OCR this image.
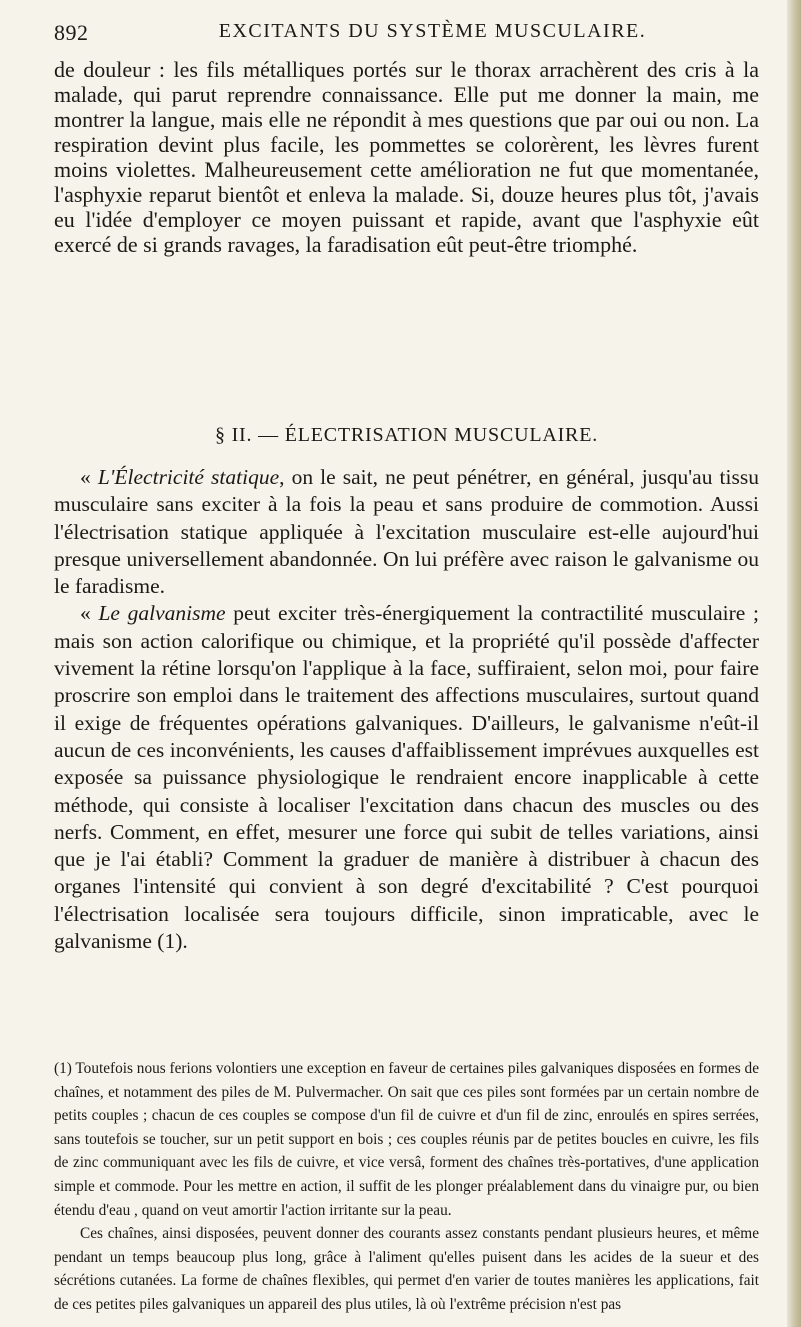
892	EXCITANTS DU SYSTÈME MUSCULAIRE.
de douleur : les fils métalliques portés sur le thorax arrachèrent des cris à la malade, qui parut reprendre connaissance. Elle put me donner la main, me montrer la langue, mais elle ne répondit à mes questions que par oui ou non. La respiration devint plus facile, les pommettes se colorèrent, les lèvres furent moins violettes. Malheureusement cette amélioration ne fut que momentanée, l'asphyxie reparut bientôt et enleva la malade. Si, douze heures plus tôt, j'avais eu l'idée d'employer ce moyen puissant et rapide, avant que l'asphyxie eût exercé de si grands ravages, la faradisation eût peut-être triomphé.
§ II. — ÉLECTRISATION MUSCULAIRE.

« L'Électricité statique, on le sait, ne peut pénétrer, en général, jusqu'au tissu musculaire sans exciter à la fois la peau et sans produire de commotion. Aussi l'électrisation statique appliquée à l'excitation musculaire est-elle aujourd'hui presque universellement abandonnée. On lui préfère avec raison le galvanisme ou le faradisme.

« Le galvanisme peut exciter très-énergiquement la contractilité musculaire ; mais son action calorifique ou chimique, et la propriété qu'il possède d'affecter vivement la rétine lorsqu'on l'applique à la face, suffiraient, selon moi, pour faire proscrire son emploi dans le traitement des affections musculaires, surtout quand il exige de fréquentes opérations galvaniques. D'ailleurs, le galvanisme n'eût-il aucun de ces inconvénients, les causes d'affaiblissement imprévues auxquelles est exposée sa puissance physiologique le rendraient encore inapplicable à cette méthode, qui consiste à localiser l'excitation dans chacun des muscles ou des nerfs. Comment, en effet, mesurer une force qui subit de telles variations, ainsi que je l'ai établi? Comment la graduer de manière à distribuer à chacun des organes l'intensité qui convient à son degré d'excitabilité ? C'est pourquoi l'électrisation localisée sera toujours difficile, sinon impraticable, avec le galvanisme (1).

(1) Toutefois nous ferions volontiers une exception en faveur de certaines piles galvaniques disposées en formes de chaînes, et notamment des piles de M. Pulvermacher. On sait que ces piles sont formées par un certain nombre de petits couples ; chacun de ces couples se compose d'un fil de cuivre et d'un fil de zinc, enroulés en spires serrées, sans toutefois se toucher, sur un petit support en bois ; ces couples réunis par de petites boucles en cuivre, les fils de zinc communiquant avec les fils de cuivre, et vice versâ, forment des chaînes très-portatives, d'une application simple et commode. Pour les mettre en action, il suffit de les plonger préalablement dans du vinaigre pur, ou bien étendu d'eau , quand on veut amortir l'action irritante sur la peau.

Ces chaînes, ainsi disposées, peuvent donner des courants assez constants pendant plusieurs heures, et même pendant un temps beaucoup plus long, grâce à l'aliment qu'elles puisent dans les acides de la sueur et des sécrétions cutanées. La forme de chaînes flexibles, qui permet d'en varier de toutes manières les applications, fait de ces petites piles galvaniques un appareil des plus utiles, là où l'extrême précision n'est pas
